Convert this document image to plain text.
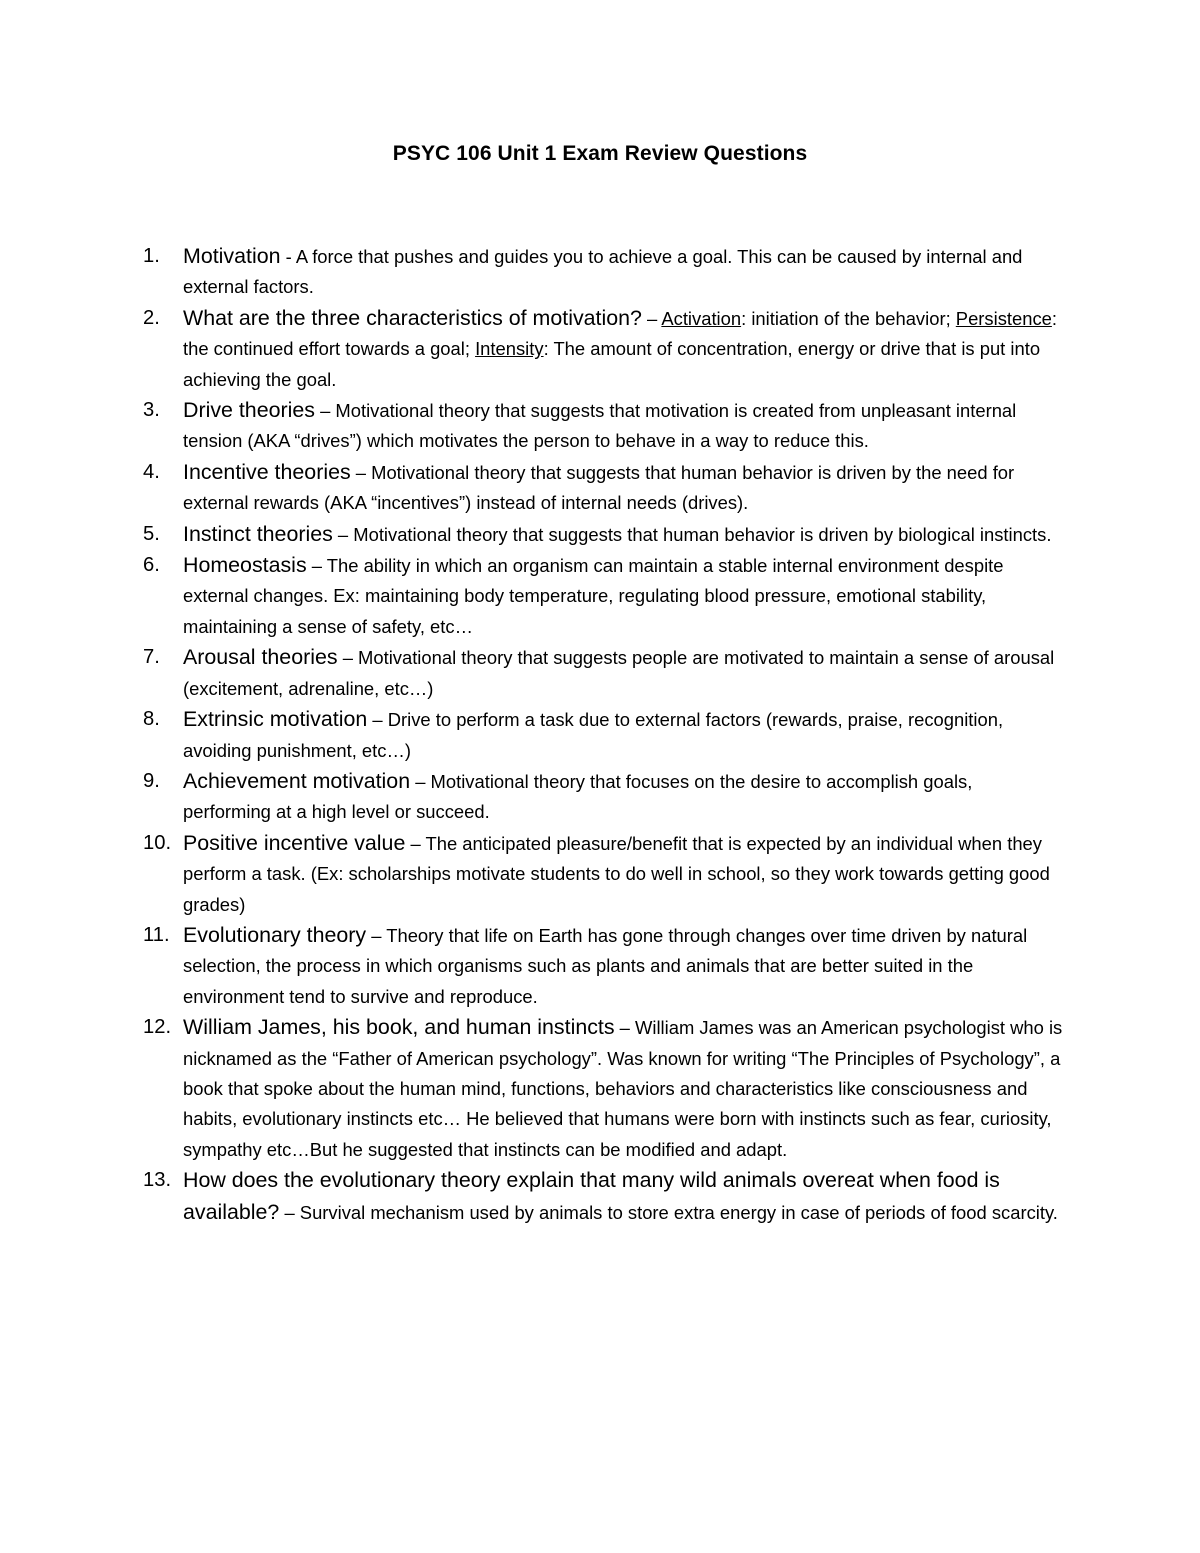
PSYC 106 Unit 1 Exam Review Questions
1. Motivation - A force that pushes and guides you to achieve a goal. This can be caused by internal and external factors.
2. What are the three characteristics of motivation? – Activation: initiation of the behavior; Persistence: the continued effort towards a goal; Intensity: The amount of concentration, energy or drive that is put into achieving the goal.
3. Drive theories – Motivational theory that suggests that motivation is created from unpleasant internal tension (AKA “drives”) which motivates the person to behave in a way to reduce this.
4. Incentive theories – Motivational theory that suggests that human behavior is driven by the need for external rewards (AKA “incentives”) instead of internal needs (drives).
5. Instinct theories – Motivational theory that suggests that human behavior is driven by biological instincts.
6. Homeostasis – The ability in which an organism can maintain a stable internal environment despite external changes. Ex: maintaining body temperature, regulating blood pressure, emotional stability, maintaining a sense of safety, etc…
7. Arousal theories – Motivational theory that suggests people are motivated to maintain a sense of arousal (excitement, adrenaline, etc…)
8. Extrinsic motivation – Drive to perform a task due to external factors (rewards, praise, recognition, avoiding punishment, etc…)
9. Achievement motivation – Motivational theory that focuses on the desire to accomplish goals, performing at a high level or succeed.
10. Positive incentive value – The anticipated pleasure/benefit that is expected by an individual when they perform a task. (Ex: scholarships motivate students to do well in school, so they work towards getting good grades)
11. Evolutionary theory – Theory that life on Earth has gone through changes over time driven by natural selection, the process in which organisms such as plants and animals that are better suited in the environment tend to survive and reproduce.
12. William James, his book, and human instincts – William James was an American psychologist who is nicknamed as the “Father of American psychology”. Was known for writing “The Principles of Psychology”, a book that spoke about the human mind, functions, behaviors and characteristics like consciousness and habits, evolutionary instincts etc… He believed that humans were born with instincts such as fear, curiosity, sympathy etc…But he suggested that instincts can be modified and adapt.
13. How does the evolutionary theory explain that many wild animals overeat when food is available? – Survival mechanism used by animals to store extra energy in case of periods of food scarcity.
